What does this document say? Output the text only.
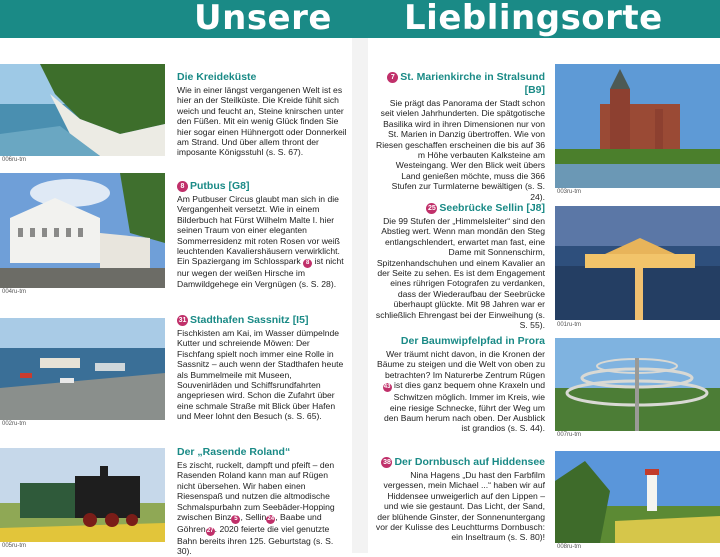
Unsere Lieblingsorte
006ru-tm
Die Kreideküste

Wie in einer längst vergangenen Welt ist es hier an der Steilküste. Die Kreide fühlt sich weich und feucht an, Steine knirschen unter den Füßen. Mit ein wenig Glück finden Sie hier sogar einen Hühnergott oder Donnerkeil am Strand. Und über allem thront der imposante Königsstuhl (s. S. 67).

004ru-tm
8 Putbus [G8]

Am Putbuser Circus glaubt man sich in die Vergangenheit versetzt. Wie in einem Bilderbuch hat Fürst Wilhelm Malte I. hier seinen Traum von einer eleganten Sommerresidenz mit roten Rosen vor weiß leuchtenden Kavaliershäusern verwirklicht. Ein Spaziergang im Schlosspark 8 ist nicht nur wegen der weißen Hirsche im Damwildgehege ein Vergnügen (s. S. 28).

002ru-tm
31 Stadthafen Sassnitz [I5]

Fischkisten am Kai, im Wasser dümpelnde Kutter und schreiende Möwen: Der Fischfang spielt noch immer eine Rolle in Sassnitz – auch wenn der Stadthafen heute als Bummelmeile mit Museen, Souvenirläden und Schiffsrundfahrten angepriesen wird. Schon die Zufahrt über eine schmale Straße mit Blick über Hafen und Meer lohnt den Besuch (s. S. 65).

005ru-tm
Der „Rasende Roland“

Es zischt, ruckelt, dampft und pfeift – den Rasenden Roland kann man auf Rügen nicht übersehen. Wir haben einen Riesenspaß und nutzen die altmodische Schmalspurbahn zum Seebäder-Hopping zwischen Binz 5 , Sellin24, Baabe und Göhren27. 2020 feierte die viel genutzte Bahn bereits ihren 125. Geburtstag (s. S. 30).

7 St. Marienkirche in Stralsund [B9]

Sie prägt das Panorama der Stadt schon seit vielen Jahrhunderten. Die spätgotische Basilika wird in ihren Dimensionen nur von St. Marien in Danzig übertroffen. Wie von Riesen geschaffen erscheinen die bis auf 36 m Höhe verbauten Kalksteine am Westeingang. Wer den Blick weit übers Land genießen möchte, muss die 366 Stufen zur Turmlaterne bewältigen (s. S. 24). 003ru-tm
25 Seebrücke Sellin [J8]

Die 99 Stufen der „Himmelsleiter“ sind den Abstieg wert. Wenn man mondän den Steg entlangschlendert, erwartet man fast, eine Dame mit Sonnenschirm, Spitzenhandschuhen und einem Kavalier an der Seite zu sehen. Es ist dem Engagement eines rührigen Fotografen zu verdanken, dass der Wiederaufbau der Seebrücke überhaupt glückte. Mit 98 Jahren war er schließlich Ehrengast bei der Einweihung (s. S. 55). 001ru-tm
Der Baumwipfelpfad in Prora

Wer träumt nicht davon, in die Kronen der Bäume zu steigen und die Welt von oben zu betrachten? Im Naturerbe Zentrum Rügen 43 ist dies ganz bequem ohne Kraxeln und Schwitzen möglich. Immer im Kreis, wie eine riesige Schnecke, führt der Weg um den Baum herum nach oben. Der Ausblick ist grandios (s. S. 44).

007ru-tm
38 Der Dornbusch auf Hiddensee

Nina Hagens „Du hast den Farbfilm vergessen, mein Michael ...“ haben wir auf Hiddensee unweigerlich auf den Lippen – und wie sie gestaunt. Das Licht, der Sand, der blühende Ginster, der Sonnenuntergang vor der Kulisse des Leuchtturms Dornbusch: ein Inseltraum (s. S. 80)!

008ru-tm
